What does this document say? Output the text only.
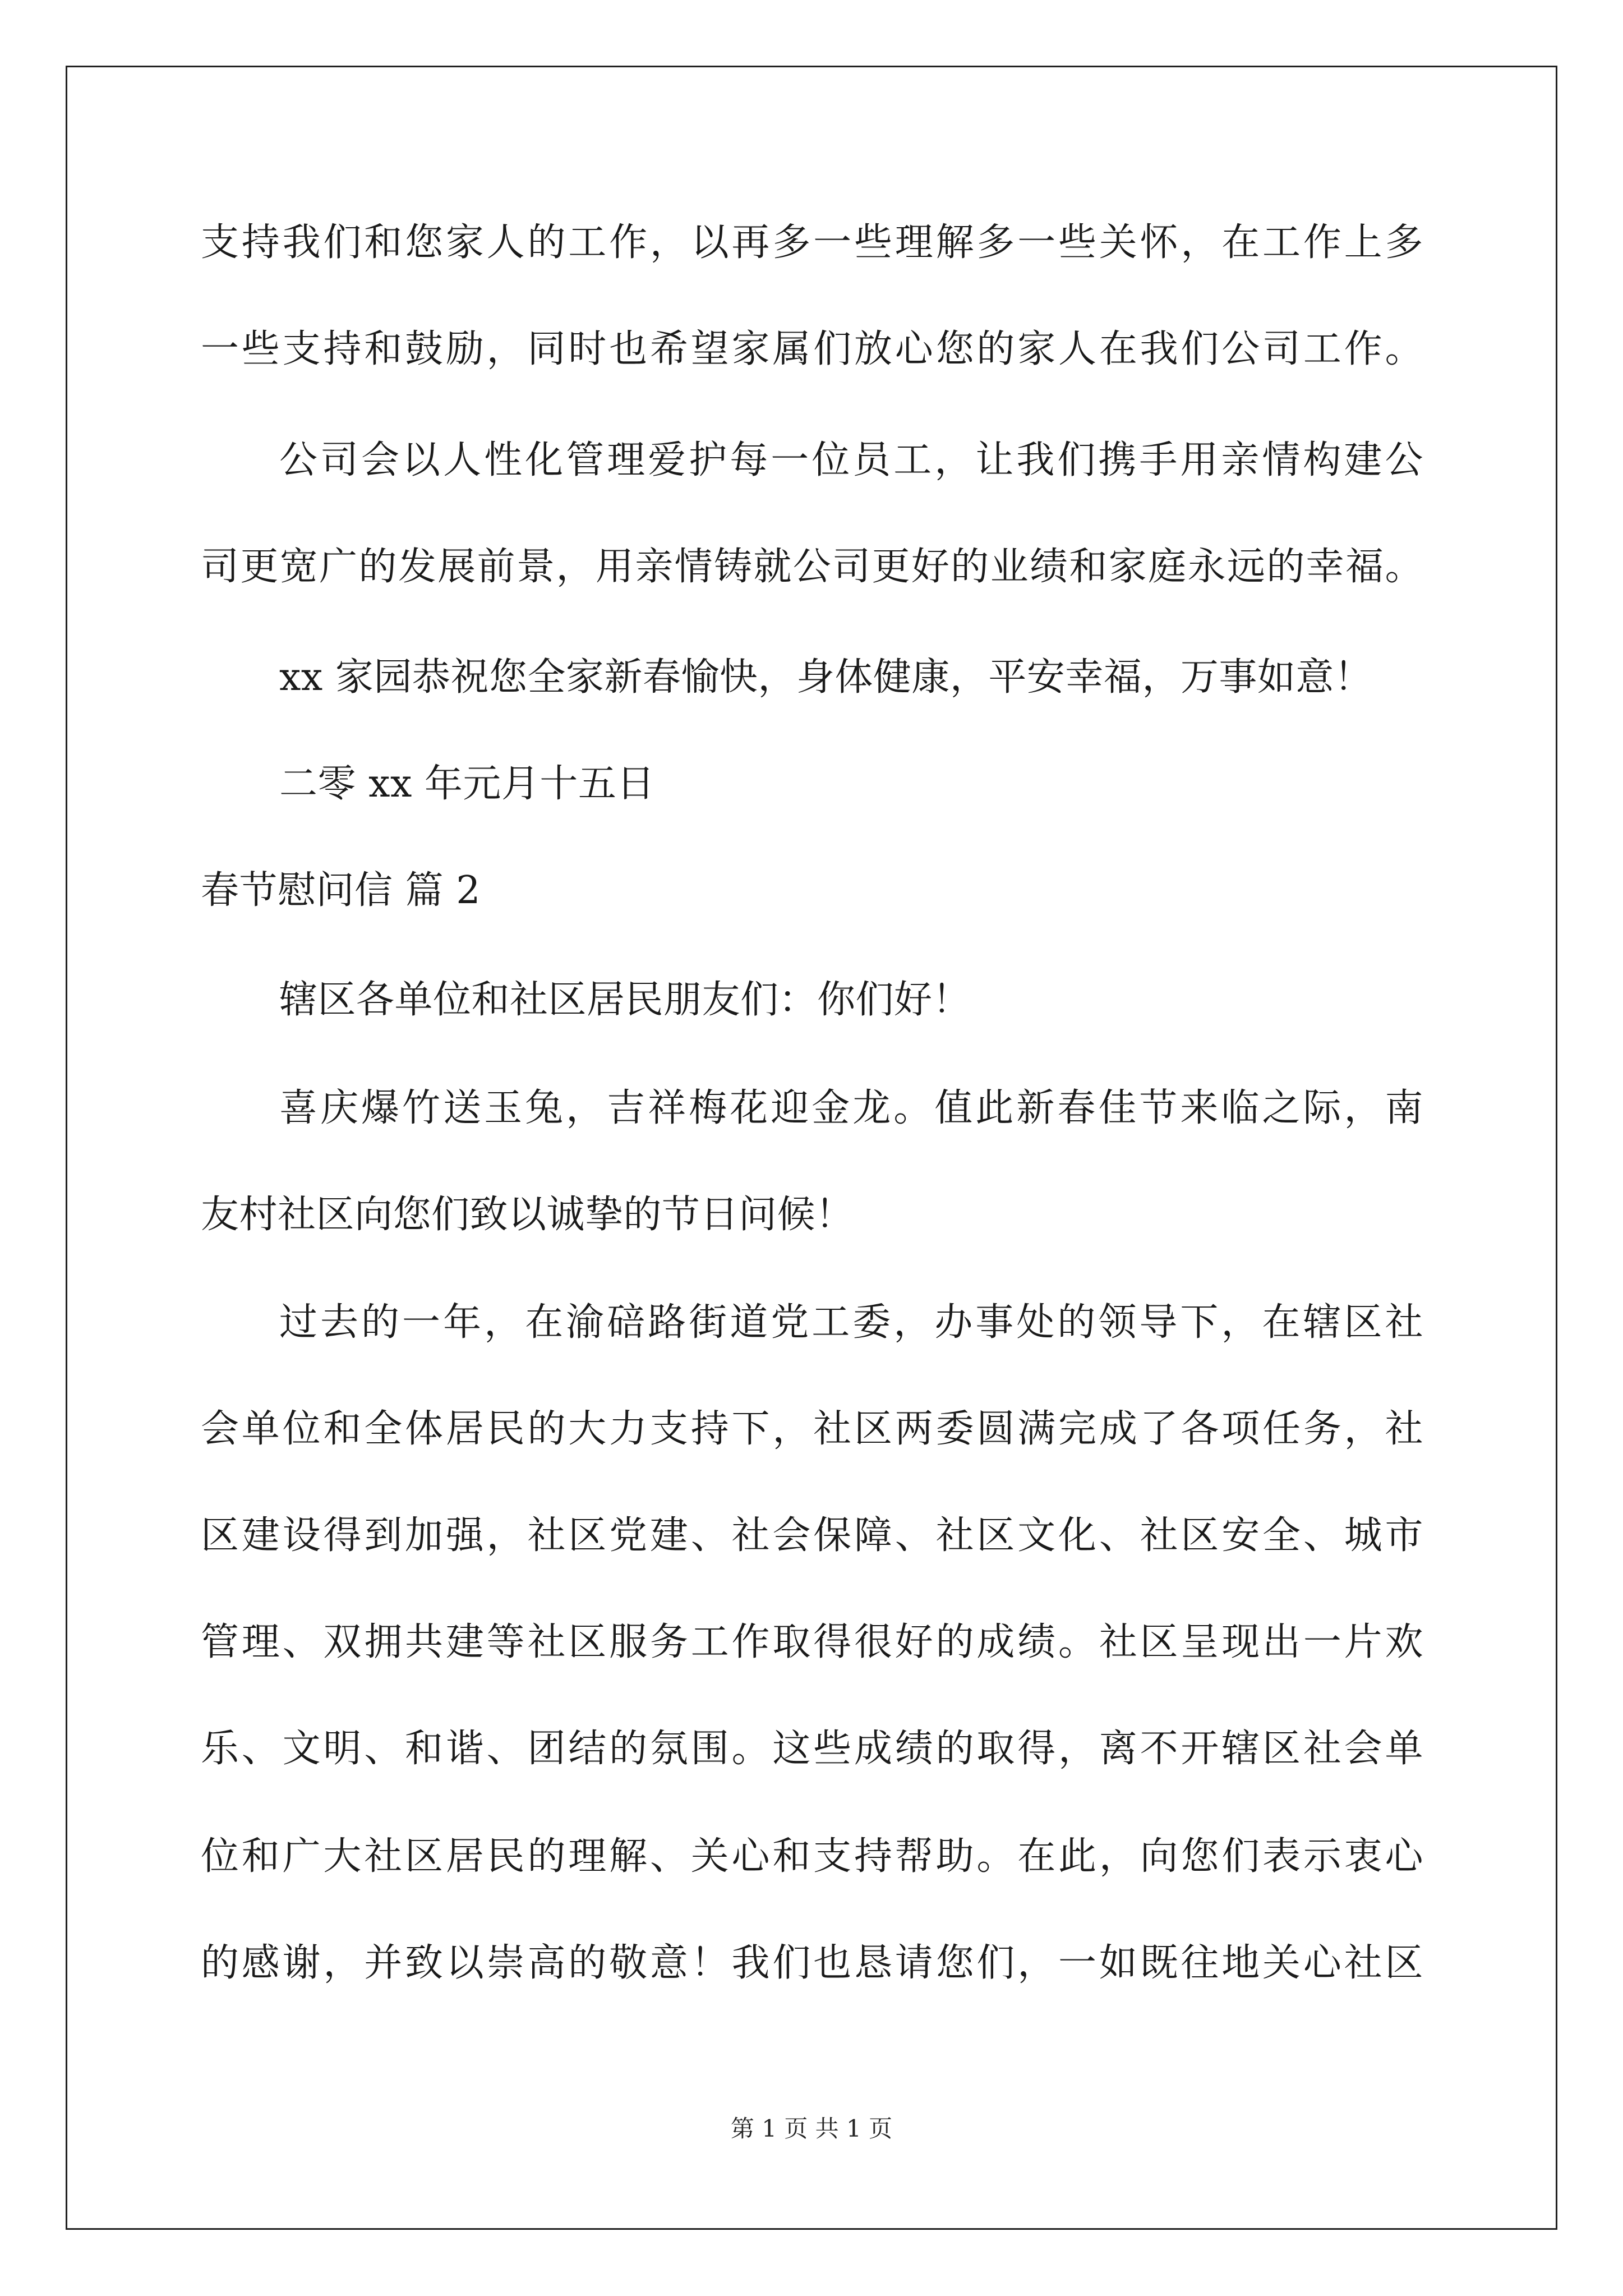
支持我们和您家人的工作，以再多一些理解多一些关怀，在工作上多
一些支持和鼓励，同时也希望家属们放心您的家人在我们公司工作。
公司会以人性化管理爱护每一位员工，让我们携手用亲情构建公
司更宽广的发展前景，用亲情铸就公司更好的业绩和家庭永远的幸福。
xx 家园恭祝您全家新春愉快，身体健康，平安幸福，万事如意！
二零 xx 年元月十五日
春节慰问信 篇 2
辖区各单位和社区居民朋友们：你们好！
喜庆爆竹送玉兔，吉祥梅花迎金龙。值此新春佳节来临之际，南
友村社区向您们致以诚挚的节日问候！
过去的一年，在渝碚路街道党工委，办事处的领导下，在辖区社
会单位和全体居民的大力支持下，社区两委圆满完成了各项任务，社
区建设得到加强，社区党建、社会保障、社区文化、社区安全、城市
管理、双拥共建等社区服务工作取得很好的成绩。社区呈现出一片欢
乐、文明、和谐、团结的氛围。这些成绩的取得，离不开辖区社会单
位和广大社区居民的理解、关心和支持帮助。在此，向您们表示衷心
的感谢，并致以崇高的敬意！我们也恳请您们，一如既往地关心社区
第 1 页 共 1 页
